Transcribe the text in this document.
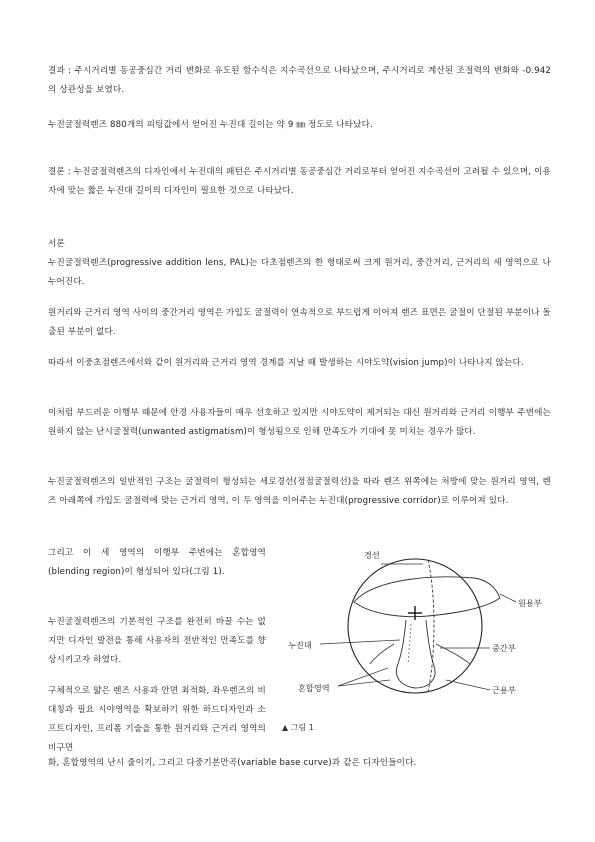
결과 : 주시거리별 동공중심간 거리 변화로 유도된 함수식은 지수곡선으로 나타났으며, 주시거리로 계산된 조절력의 변화와 -0.942의 상관성을 보였다.

누진굴절력렌즈 880개의 피팅값에서 얻어진 누진대 길이는 약 9 ㎜ 정도로 나타났다.

결론 : 누진굴절력렌즈의 디자인에서 누진대의 패턴은 주시거리별 동공중심간 거리로부터 얻어진 지수곡선이 고려될 수 있으며, 이용자에 맞는 짧은 누진대 길이의 디자인이 필요한 것으로 나타났다.

서론

누진굴절력렌즈(progressive addition lens, PAL)는 다초점렌즈의 한 형태로써 크게 원거리, 중간거리, 근거리의 세 영역으로 나누어진다.

원거리와 근거리 영역 사이의 중간거리 영역은 가입도 굴절력이 연속적으로 부드럽게 이어져 렌즈 표면은 굴절이 단절된 부분이나 돌출된 부분이 없다.

따라서 이중초점렌즈에서와 같이 원거리와 근거리 영역 경계를 지날 때 발생하는 시야도약(vision jump)이 나타나지 않는다.

이처럼 부드러운 이행부 때문에 안경 사용자들이 매우 선호하고 있지만 시야도약이 제거되는 대신 원거리와 근거리 이행부 주변에는 원하지 않는 난시굴절력(unwanted astigmatism)이 형성됨으로 인해 만족도가 기대에 못 미치는 경우가 많다.

누진굴절력렌즈의 일반적인 구조는 굴절력이 형성되는 세로경선(정점굴절력선)을 따라 렌즈 위쪽에는 처방에 맞는 원거리 영역, 렌즈 아래쪽에 가입도 굴절력에 맞는 근거리 영역, 이 두 영역을 이어주는 누진대(progressive corridor)로 이루어져 있다.

그리고 이 세 영역의 이행부 주변에는 혼합영역(blending region)이 형성되어 있다(그림 1).

누진굴절력렌즈의 기본적인 구조를 완전히 바꿀 수는 없지만 디자인 발전을 통해 사용자의 전반적인 만족도를 향상시키고자 하였다.

구체적으로 얇은 렌즈 사용과 안면 최적화, 좌우렌즈의 비대칭과 필요 시야영역을 확보하기 위한 하드디자인과 소프트디자인, 프리폼 기술을 통한 원거리와 근거리 영역의 비구면

화, 혼합영역의 난시 줄이기, 그리고 다중기본만곡(variable base curve)과 같은 디자인들이다.

경선
원용부
누진대	중간부
혼합영역	근용부
▲ 그림 1
